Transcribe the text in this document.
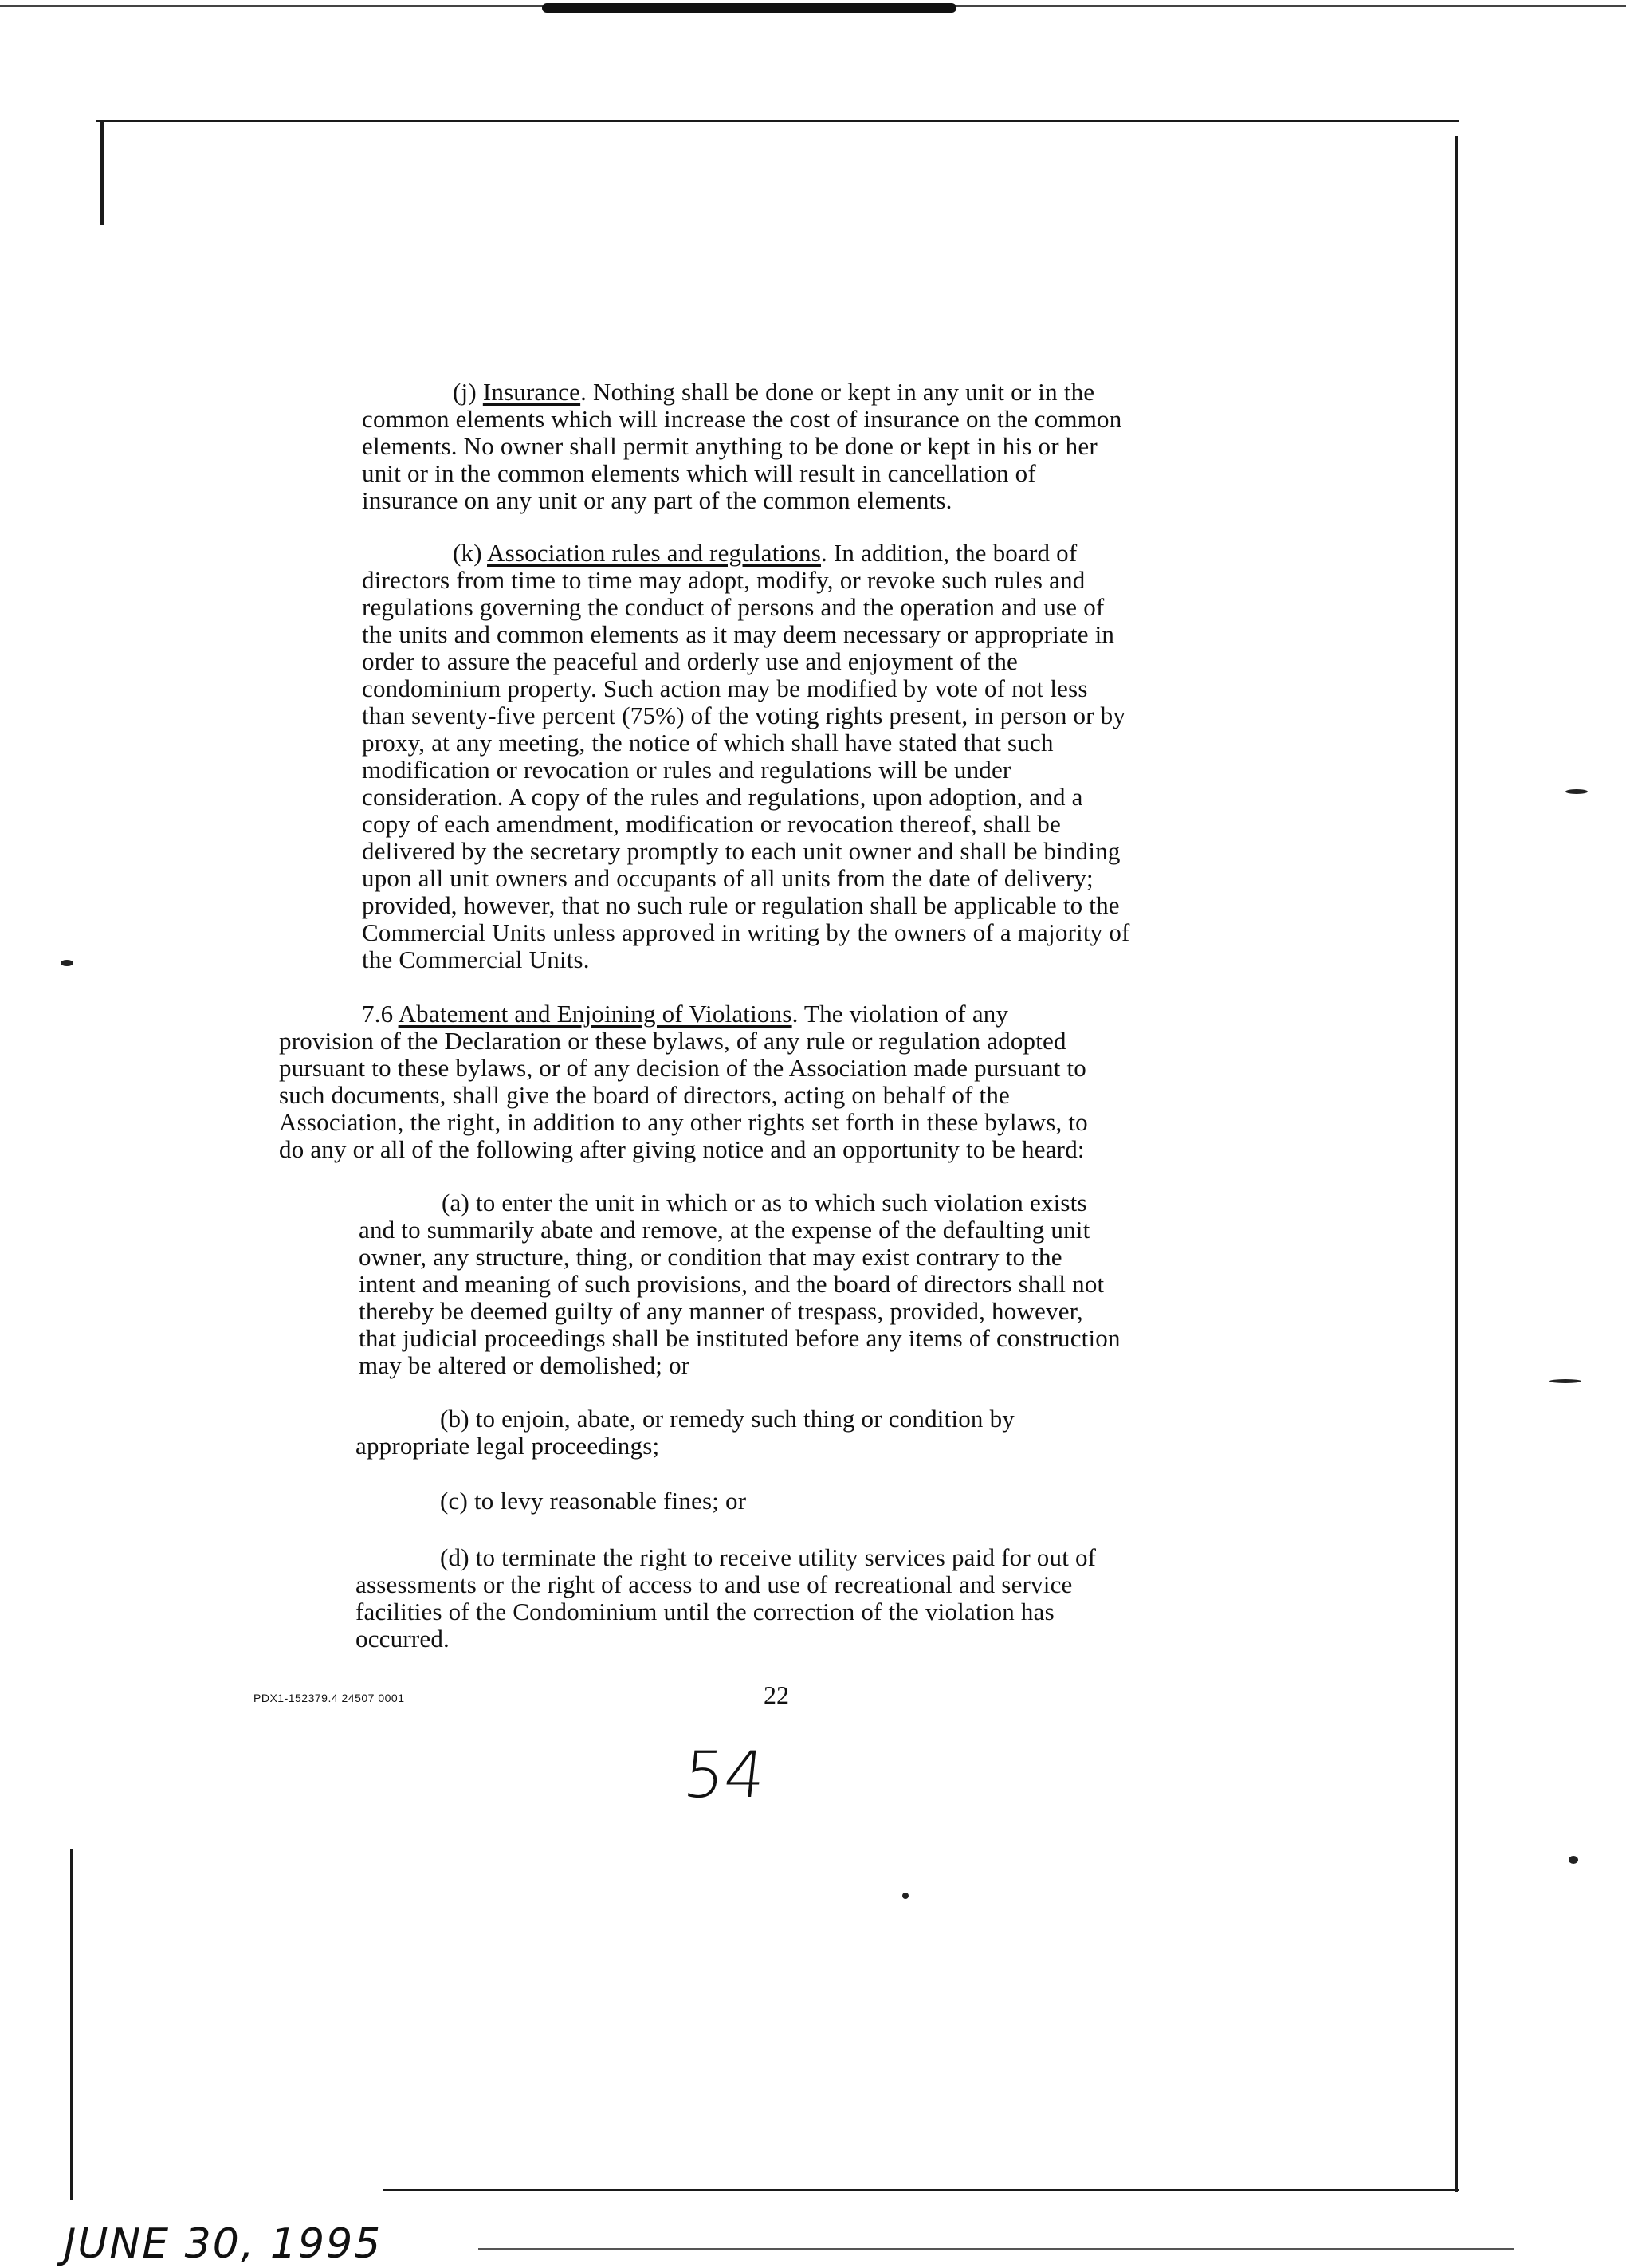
(j) Insurance. Nothing shall be done or kept in any unit or in the
common elements which will increase the cost of insurance on the common
elements. No owner shall permit anything to be done or kept in his or her
unit or in the common elements which will result in cancellation of
insurance on any unit or any part of the common elements.
(k) Association rules and regulations. In addition, the board of
directors from time to time may adopt, modify, or revoke such rules and
regulations governing the conduct of persons and the operation and use of
the units and common elements as it may deem necessary or appropriate in
order to assure the peaceful and orderly use and enjoyment of the
condominium property. Such action may be modified by vote of not less
than seventy-five percent (75%) of the voting rights present, in person or by
proxy, at any meeting, the notice of which shall have stated that such
modification or revocation or rules and regulations will be under
consideration. A copy of the rules and regulations, upon adoption, and a
copy of each amendment, modification or revocation thereof, shall be
delivered by the secretary promptly to each unit owner and shall be binding
upon all unit owners and occupants of all units from the date of delivery;
provided, however, that no such rule or regulation shall be applicable to the
Commercial Units unless approved in writing by the owners of a majority of
the Commercial Units.
7.6 Abatement and Enjoining of Violations. The violation of any
provision of the Declaration or these bylaws, of any rule or regulation adopted
pursuant to these bylaws, or of any decision of the Association made pursuant to
such documents, shall give the board of directors, acting on behalf of the
Association, the right, in addition to any other rights set forth in these bylaws, to
do any or all of the following after giving notice and an opportunity to be heard:
(a) to enter the unit in which or as to which such violation exists
and to summarily abate and remove, at the expense of the defaulting unit
owner, any structure, thing, or condition that may exist contrary to the
intent and meaning of such provisions, and the board of directors shall not
thereby be deemed guilty of any manner of trespass, provided, however,
that judicial proceedings shall be instituted before any items of construction
may be altered or demolished; or
(b) to enjoin, abate, or remedy such thing or condition by
appropriate legal proceedings;
(c) to levy reasonable fines; or
(d) to terminate the right to receive utility services paid for out of
assessments or the right of access to and use of recreational and service
facilities of the Condominium until the correction of the violation has
occurred.
PDX1-152379.4 24507 0001	22
54
JUNE 30, 1995
